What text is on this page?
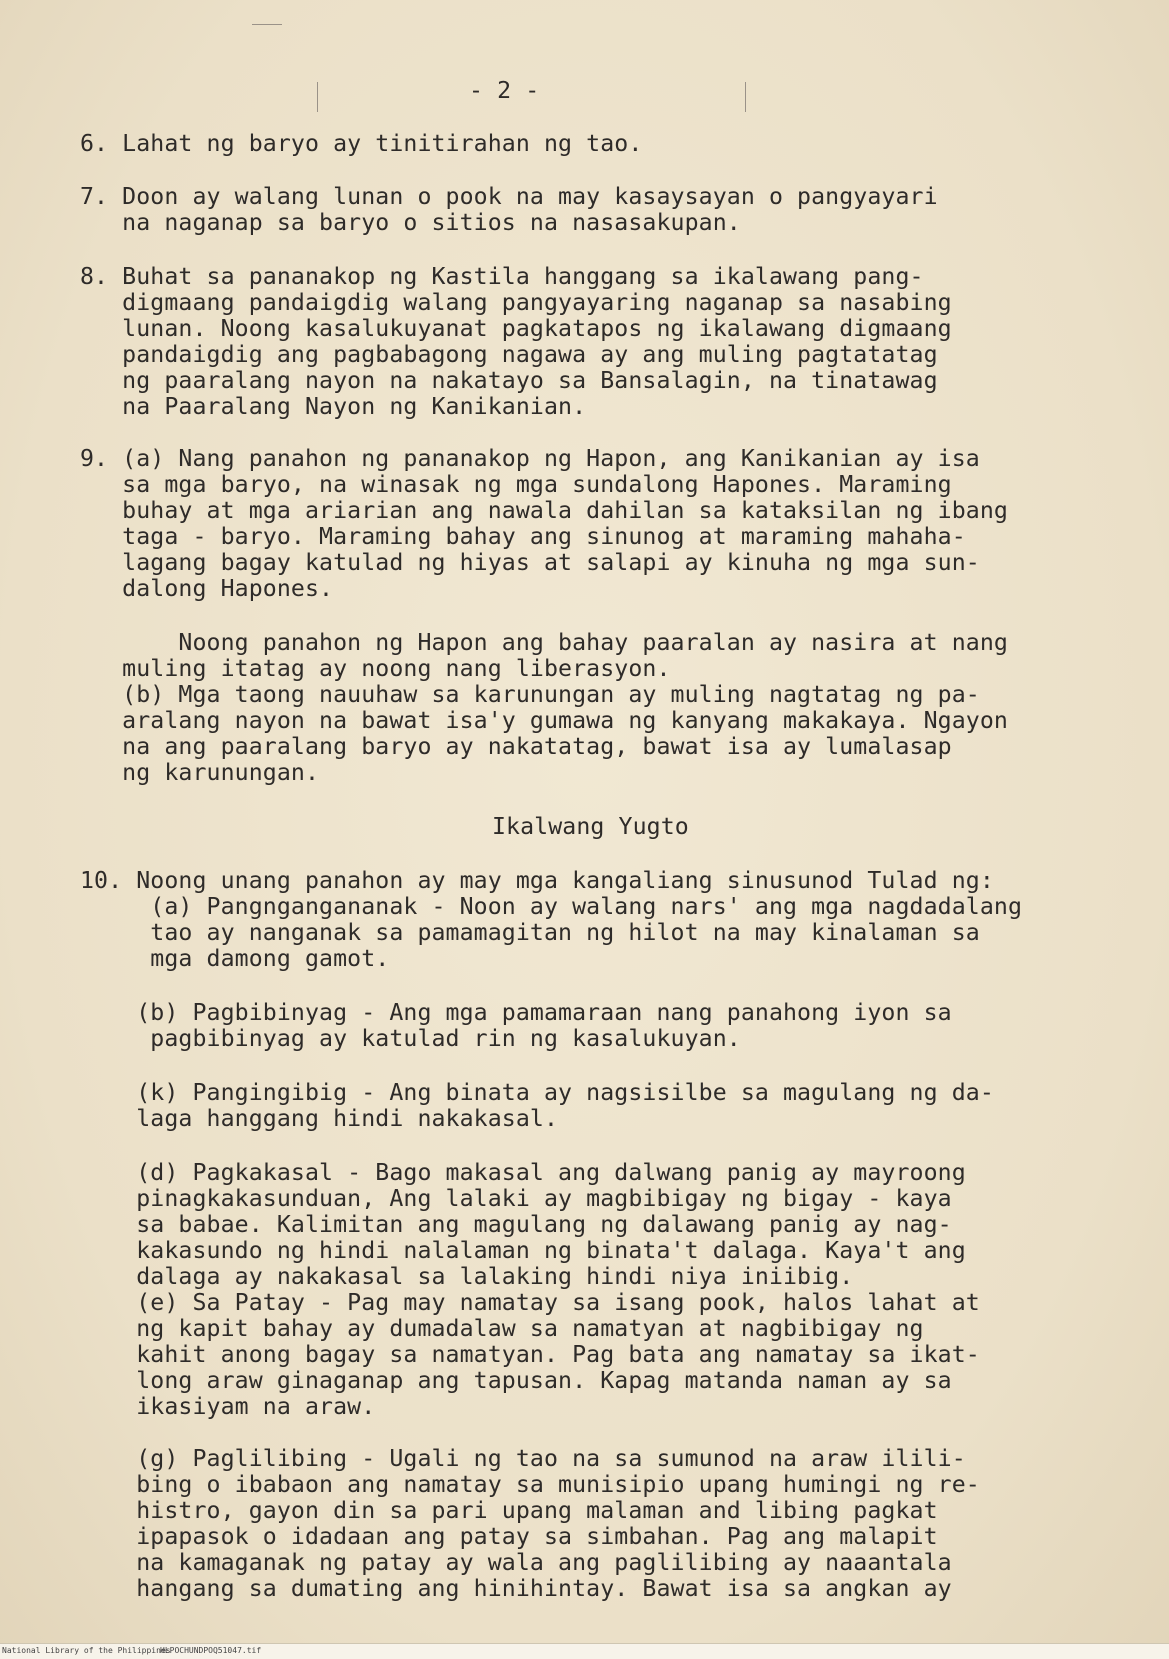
- 2 -
6. Lahat ng baryo ay tinitirahan ng tao.
7. Doon ay walang lunan o pook na may kasaysayan o pangyayari
na naganap sa baryo o sitios na nasasakupan.
8. Buhat sa pananakop ng Kastila hanggang sa ikalawang pang-
digmaang pandaigdig walang pangyayaring naganap sa nasabing
lunan. Noong kasalukuyanat pagkatapos ng ikalawang digmaang
pandaigdig ang pagbabagong nagawa ay ang muling pagtatatag
ng paaralang nayon na nakatayo sa Bansalagin, na tinatawag
na Paaralang Nayon ng Kanikanian.
9. (a) Nang panahon ng pananakop ng Hapon, ang Kanikanian ay isa
sa mga baryo, na winasak ng mga sundalong Hapones. Maraming
buhay at mga ariarian ang nawala dahilan sa kataksilan ng ibang
taga - baryo. Maraming bahay ang sinunog at maraming mahaha-
lagang bagay katulad ng hiyas at salapi ay kinuha ng mga sun-
dalong Hapones.
Noong panahon ng Hapon ang bahay paaralan ay nasira at nang
muling itatag ay noong nang liberasyon.
(b) Mga taong nauuhaw sa karunungan ay muling nagtatag ng pa-
aralang nayon na bawat isa'y gumawa ng kanyang makakaya. Ngayon
na ang paaralang baryo ay nakatatag, bawat isa ay lumalasap
ng karunungan.
Ikalwang Yugto
10. Noong unang panahon ay may mga kangaliang sinusunod Tulad ng:
(a) Pangngangananak - Noon ay walang nars' ang mga nagdadalang
tao ay nanganak sa pamamagitan ng hilot na may kinalaman sa
mga damong gamot.
(b) Pagbibinyag - Ang mga pamamaraan nang panahong iyon sa
pagbibinyag ay katulad rin ng kasalukuyan.
(k) Pangingibig - Ang binata ay nagsisilbe sa magulang ng da-
laga hanggang hindi nakakasal.
(d) Pagkakasal - Bago makasal ang dalwang panig ay mayroong
pinagkakasunduan, Ang lalaki ay magbibigay ng bigay - kaya
sa babae. Kalimitan ang magulang ng dalawang panig ay nag-
kakasundo ng hindi nalalaman ng binata't dalaga. Kaya't ang
dalaga ay nakakasal sa lalaking hindi niya iniibig.
(e) Sa Patay - Pag may namatay sa isang pook, halos lahat at
ng kapit bahay ay dumadalaw sa namatyan at nagbibigay ng
kahit anong bagay sa namatyan. Pag bata ang namatay sa ikat-
long araw ginaganap ang tapusan. Kapag matanda naman ay sa
ikasiyam na araw.
(g) Paglilibing - Ugali ng tao na sa sumunod na araw ilili-
bing o ibabaon ang namatay sa munisipio upang humingi ng re-
histro, gayon din sa pari upang malaman and libing pagkat
ipapasok o idadaan ang patay sa simbahan. Pag ang malapit
na kamaganak ng patay ay wala ang paglilibing ay naaantala
hangang sa dumating ang hinihintay. Bawat isa sa angkan ay
National Library of the Philippines
HLPOCHUNDPOQ51047.tif
